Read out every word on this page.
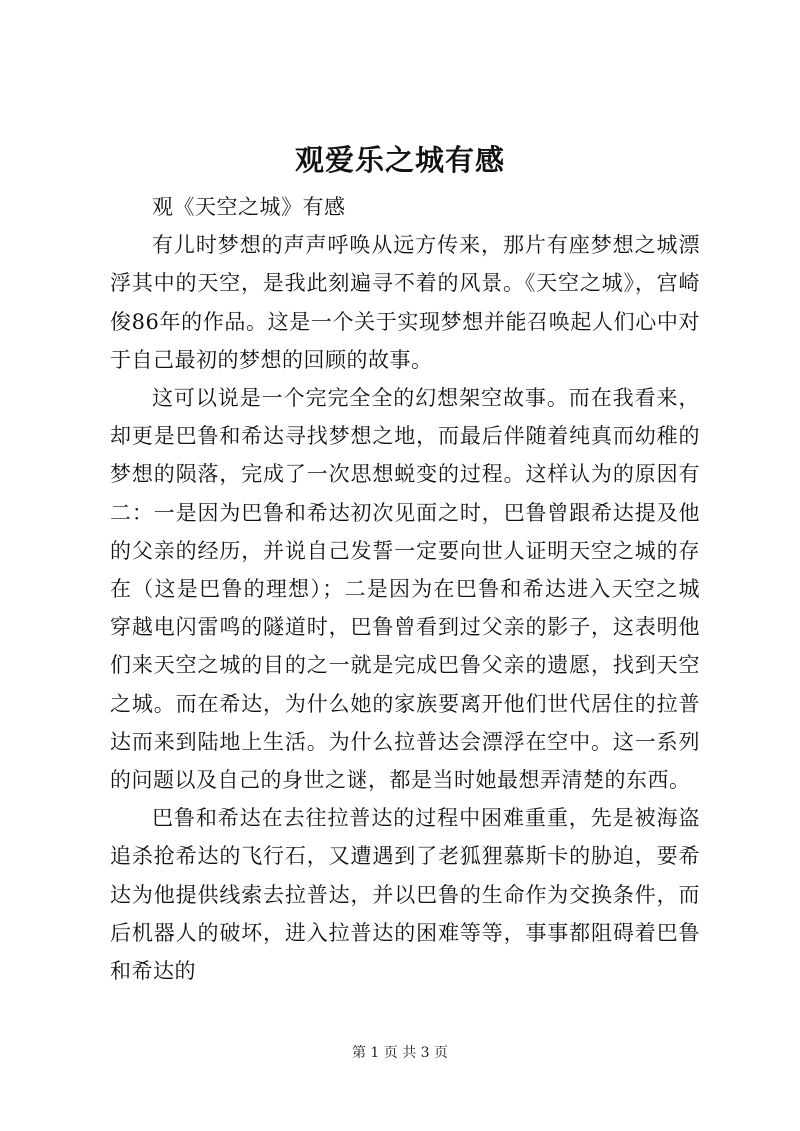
观爱乐之城有感

观《天空之城》有感

有儿时梦想的声声呼唤从远方传来，那片有座梦想之城漂浮其中的天空，是我此刻遍寻不着的风景。《天空之城》，宫崎俊86年的作品。这是一个关于实现梦想并能召唤起人们心中对于自己最初的梦想的回顾的故事。

这可以说是一个完完全全的幻想架空故事。而在我看来，却更是巴鲁和希达寻找梦想之地，而最后伴随着纯真而幼稚的梦想的陨落，完成了一次思想蜕变的过程。这样认为的原因有二：一是因为巴鲁和希达初次见面之时，巴鲁曾跟希达提及他的父亲的经历，并说自己发誓一定要向世人证明天空之城的存在（这是巴鲁的理想）；二是因为在巴鲁和希达进入天空之城穿越电闪雷鸣的隧道时，巴鲁曾看到过父亲的影子，这表明他们来天空之城的目的之一就是完成巴鲁父亲的遗愿，找到天空之城。而在希达，为什么她的家族要离开他们世代居住的拉普达而来到陆地上生活。为什么拉普达会漂浮在空中。这一系列的问题以及自己的身世之谜，都是当时她最想弄清楚的东西。

巴鲁和希达在去往拉普达的过程中困难重重，先是被海盗追杀抢希达的飞行石，又遭遇到了老狐狸慕斯卡的胁迫，要希达为他提供线索去拉普达，并以巴鲁的生命作为交换条件，而后机器人的破坏，进入拉普达的困难等等，事事都阻碍着巴鲁和希达的

第 1 页 共 3 页
